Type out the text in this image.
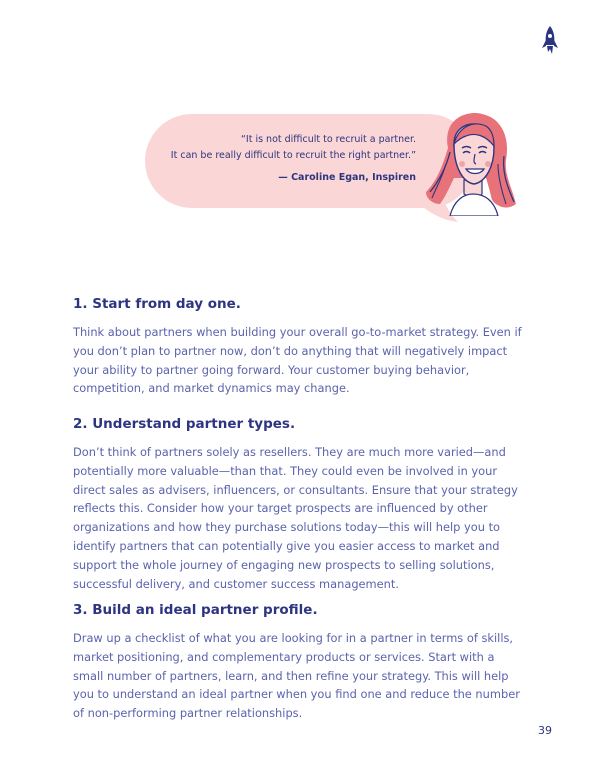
“It is not difficult to recruit a partner.
It can be really difficult to recruit the right partner.”
— Caroline Egan, Inspiren
1. Start from day one.

Think about partners when building your overall go-to-market strategy. Even if you don’t plan to partner now, don’t do anything that will negatively impact your ability to partner going forward. Your customer buying behavior, competition, and market dynamics may change.

2. Understand partner types.

Don’t think of partners solely as resellers. They are much more varied—and potentially more valuable—than that. They could even be involved in your direct sales as advisers, influencers, or consultants. Ensure that your strategy reflects this. Consider how your target prospects are influenced by other organizations and how they purchase solutions today—this will help you to identify partners that can potentially give you easier access to market and support the whole journey of engaging new prospects to selling solutions, successful delivery, and customer success management.

3. Build an ideal partner profile.

Draw up a checklist of what you are looking for in a partner in terms of skills, market positioning, and complementary products or services. Start with a small number of partners, learn, and then refine your strategy. This will help you to understand an ideal partner when you find one and reduce the number of non-performing partner relationships.

39
